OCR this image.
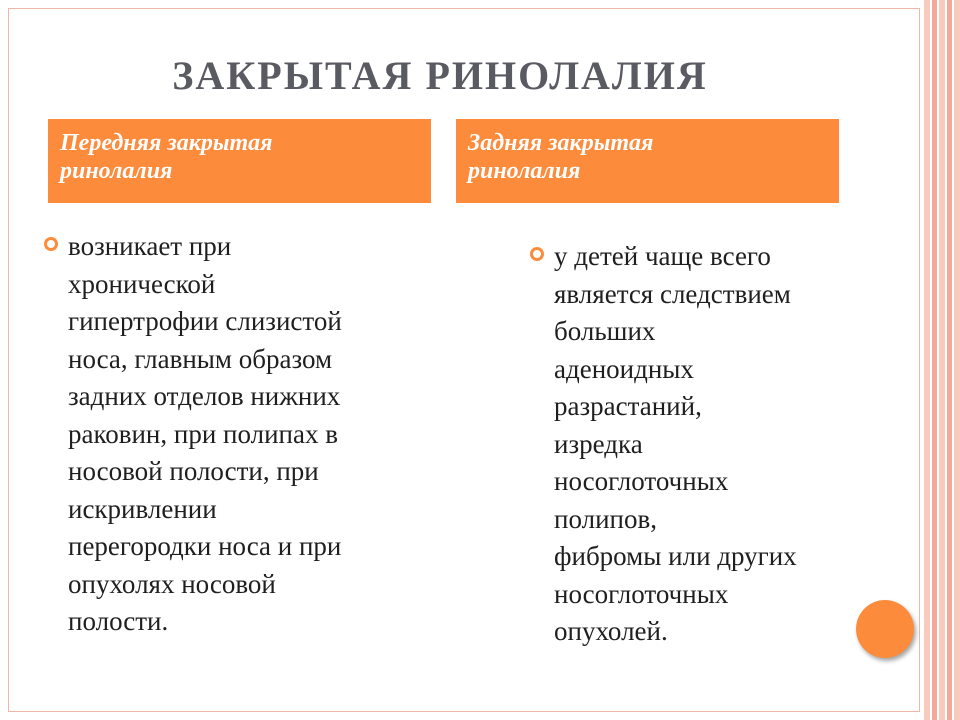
ЗАКРЫТАЯ РИНОЛАЛИЯ
Передняя закрытая
ринолалия
Задняя закрытая
ринолалия
возникает при
хронической
гипертрофии слизистой
носа, главным образом
задних отделов нижних
раковин, при полипах в
носовой полости, при
искривлении
перегородки носа и при
опухолях носовой
полости.
у детей чаще всего
является следствием
больших
аденоидных
разрастаний,
изредка
носоглоточных
полипов,
фибромы или других
носоглоточных
опухолей.
